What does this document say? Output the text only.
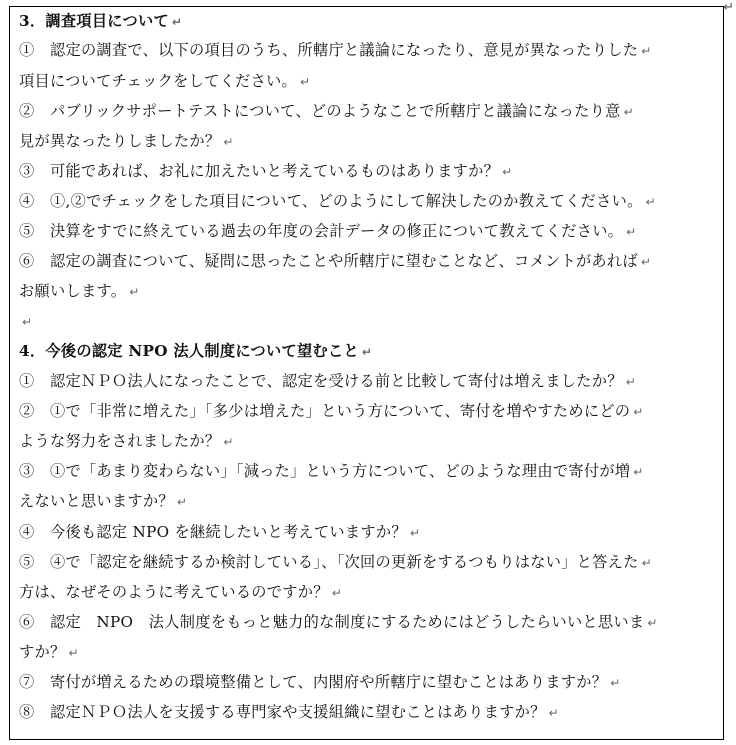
↵
3．調査項目について ↵
①　認定の調査で、以下の項目のうち、所轄庁と議論になったり、意見が異なったりした ↵
項目についてチェックをしてください。 ↵
②　パブリックサポートテストについて、どのようなことで所轄庁と議論になったり意 ↵
見が異なったりしましたか？ ↵
③　可能であれば、お礼に加えたいと考えているものはありますか？ ↵
④　①,②でチェックをした項目について、どのようにして解決したのか教えてください。 ↵
⑤　決算をすでに終えている過去の年度の会計データの修正について教えてください。 ↵
⑥　認定の調査について、疑問に思ったことや所轄庁に望むことなど、コメントがあれば ↵
お願いします。 ↵
↵
4．今後の認定 NPO 法人制度について望むこと ↵
①　認定ＮＰＯ法人になったことで、認定を受ける前と比較して寄付は増えましたか？ ↵
②　①で「非常に増えた」「多少は増えた」という方について、寄付を増やすためにどの ↵
ような努力をされましたか？ ↵
③　①で「あまり変わらない」「減った」という方について、どのような理由で寄付が増 ↵
えないと思いますか？ ↵
④　今後も認定 NPO を継続したいと考えていますか？ ↵
⑤　④で「認定を継続するか検討している」、「次回の更新をするつもりはない」と答えた ↵
方は、なぜそのように考えているのですか？ ↵
⑥　認定　NPO　法人制度をもっと魅力的な制度にするためにはどうしたらいいと思いま ↵
すか？ ↵
⑦　寄付が増えるための環境整備として、内閣府や所轄庁に望むことはありますか？ ↵
⑧　認定ＮＰＯ法人を支援する専門家や支援組織に望むことはありますか？ ↵
